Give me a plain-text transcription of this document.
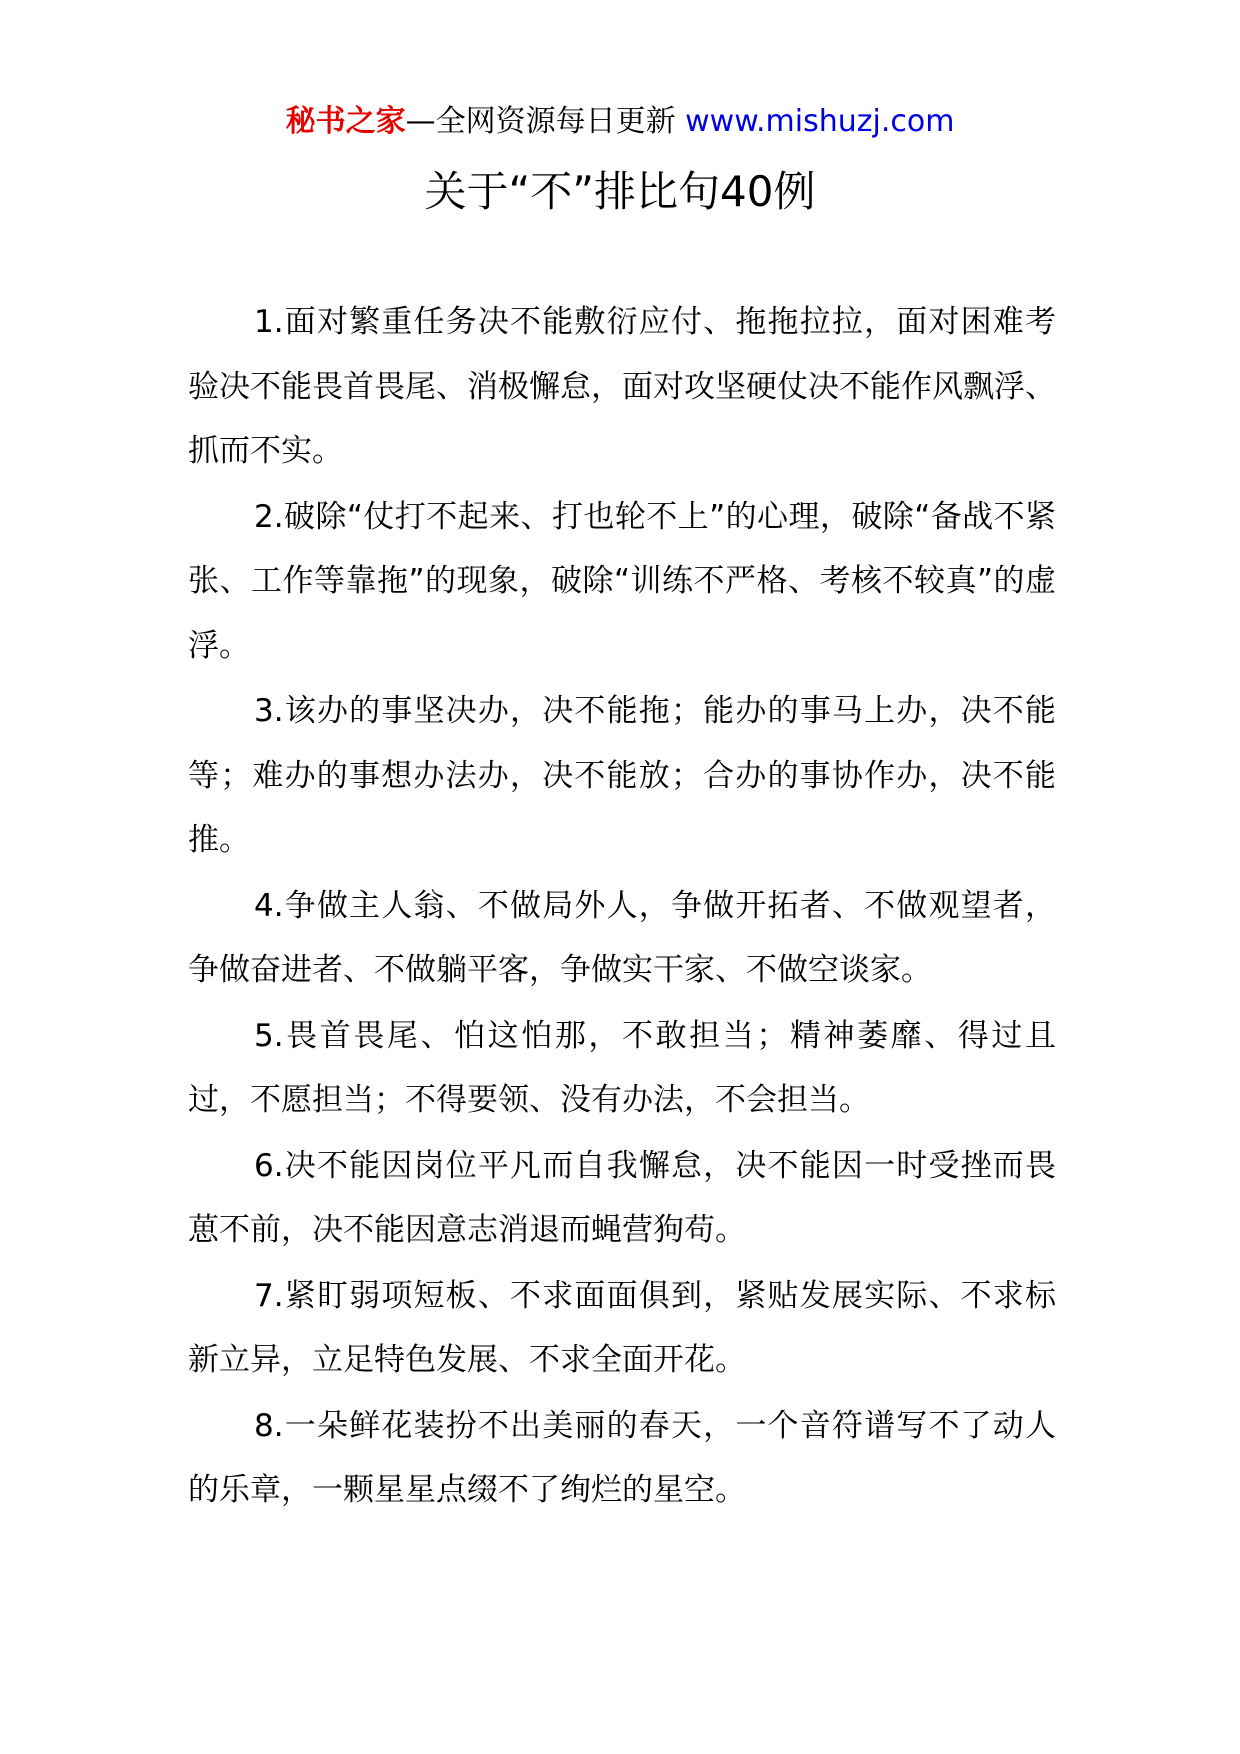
秘书之家—全网资源每日更新 www.mishuzj.com
关于“不”排比句40例

1.面对繁重任务决不能敷衍应付、拖拖拉拉，面对困难考验决不能畏首畏尾、消极懈怠，面对攻坚硬仗决不能作风飘浮、抓而不实。

2.破除“仗打不起来、打也轮不上”的心理，破除“备战不紧张、工作等靠拖”的现象，破除“训练不严格、考核不较真”的虚浮。

3.该办的事坚决办，决不能拖；能办的事马上办，决不能等；难办的事想办法办，决不能放；合办的事协作办，决不能推。

4.争做主人翁、不做局外人，争做开拓者、不做观望者，争做奋进者、不做躺平客，争做实干家、不做空谈家。

5.畏首畏尾、怕这怕那，不敢担当；精神萎靡、得过且过，不愿担当；不得要领、没有办法，不会担当。

6.决不能因岗位平凡而自我懈怠，决不能因一时受挫而畏葸不前，决不能因意志消退而蝇营狗苟。

7.紧盯弱项短板、不求面面俱到，紧贴发展实际、不求标新立异，立足特色发展、不求全面开花。

8.一朵鲜花装扮不出美丽的春天，一个音符谱写不了动人的乐章，一颗星星点缀不了绚烂的星空。
